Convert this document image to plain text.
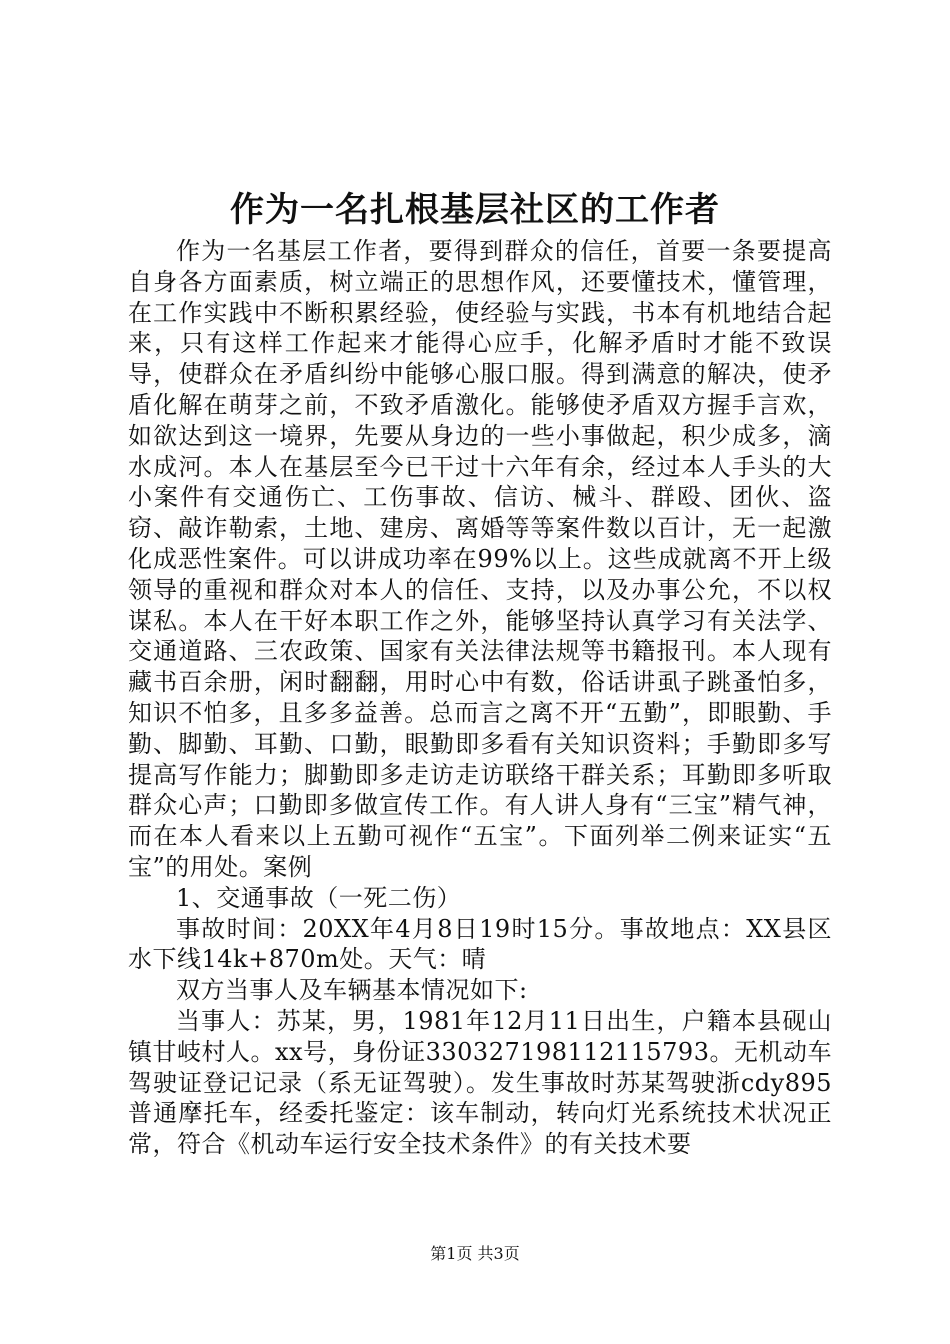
作为一名扎根基层社区的工作者

作为一名基层工作者，要得到群众的信任，首要一条要提高自身各方面素质，树立端正的思想作风，还要懂技术，懂管理，在工作实践中不断积累经验，使经验与实践，书本有机地结合起来，只有这样工作起来才能得心应手，化解矛盾时才能不致误导，使群众在矛盾纠纷中能够心服口服。得到满意的解决，使矛盾化解在萌芽之前，不致矛盾激化。能够使矛盾双方握手言欢，如欲达到这一境界，先要从身边的一些小事做起，积少成多，滴水成河。本人在基层至今已干过十六年有余，经过本人手头的大小案件有交通伤亡、工伤事故、信访、械斗、群殴、团伙、盗窃、敲诈勒索，土地、建房、离婚等等案件数以百计，无一起激化成恶性案件。可以讲成功率在99%以上。这些成就离不开上级领导的重视和群众对本人的信任、支持，以及办事公允，不以权谋私。本人在干好本职工作之外，能够坚持认真学习有关法学、交通道路、三农政策、国家有关法律法规等书籍报刊。本人现有藏书百余册，闲时翻翻，用时心中有数，俗话讲虱子跳蚤怕多，知识不怕多，且多多益善。总而言之离不开“五勤”，即眼勤、手勤、脚勤、耳勤、口勤，眼勤即多看有关知识资料；手勤即多写提高写作能力；脚勤即多走访走访联络干群关系；耳勤即多听取群众心声；口勤即多做宣传工作。有人讲人身有“三宝”精气神，而在本人看来以上五勤可视作“五宝”。下面列举二例来证实“五宝”的用处。案例

1、交通事故（一死二伤）

事故时间：20XX年4月8日19时15分。事故地点：XX县区水下线14k+870m处。天气：晴

双方当事人及车辆基本情况如下:

当事人：苏某，男，1981年12月11日出生，户籍本县砚山镇甘岐村人。xx号，身份证330327198112115793。无机动车驾驶证登记记录（系无证驾驶）。发生事故时苏某驾驶浙cdy895普通摩托车，经委托鉴定：该车制动，转向灯光系统技术状况正常，符合《机动车运行安全技术条件》的有关技术要

第1页 共3页
